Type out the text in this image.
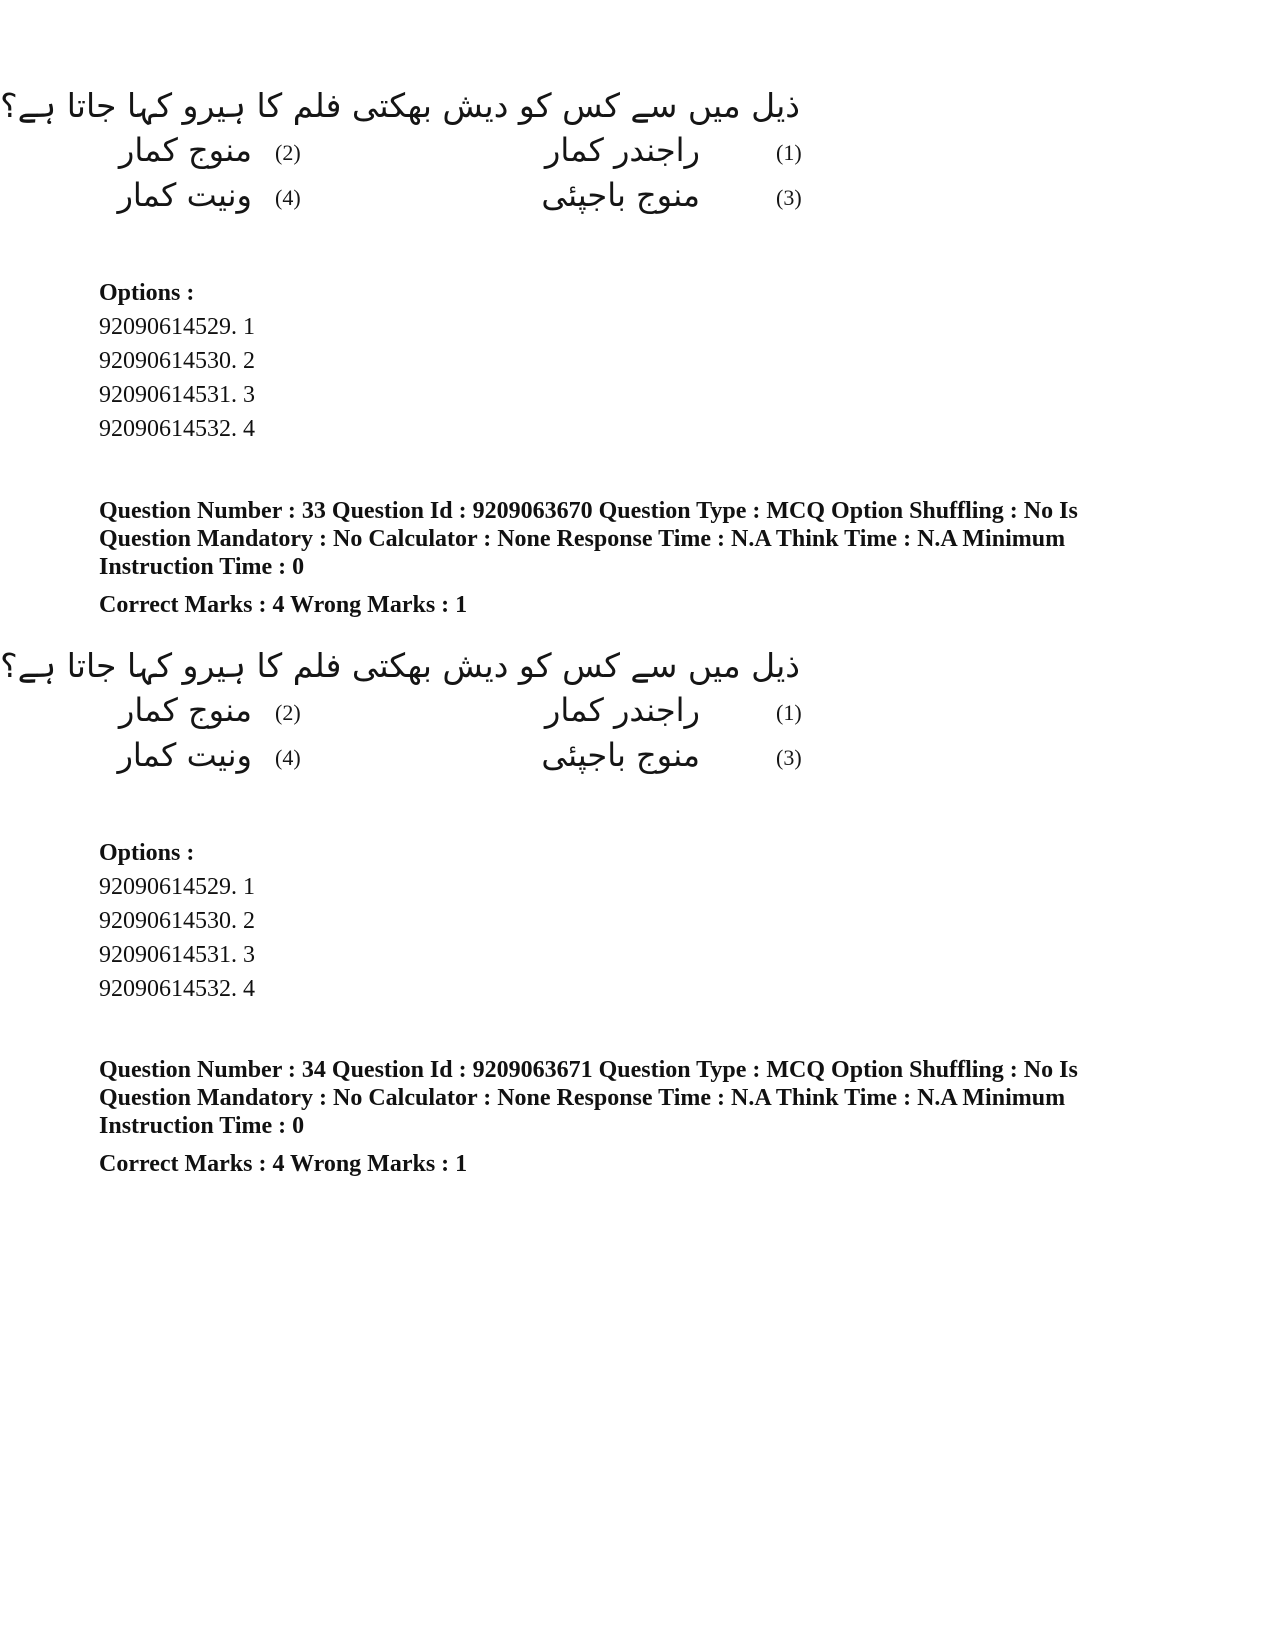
ذیل میں سے کس کو دیش بھکتی فلم کا ہیرو کہا جاتا ہے؟
(1)
راجندر کمار
(2)
منوج کمار
(3)
منوج باجپئی
(4)
ونیت کمار
Options :
92090614529. 1
92090614530. 2
92090614531. 3
92090614532. 4
Question Number : 33 Question Id : 9209063670 Question Type : MCQ Option Shuffling : No Is
Question Mandatory : No Calculator : None Response Time : N.A Think Time : N.A Minimum
Instruction Time : 0
Correct Marks : 4 Wrong Marks : 1
ذیل میں سے کس کو دیش بھکتی فلم کا ہیرو کہا جاتا ہے؟
(1)
راجندر کمار
(2)
منوج کمار
(3)
منوج باجپئی
(4)
ونیت کمار
Options :
92090614529. 1
92090614530. 2
92090614531. 3
92090614532. 4
Question Number : 34 Question Id : 9209063671 Question Type : MCQ Option Shuffling : No Is
Question Mandatory : No Calculator : None Response Time : N.A Think Time : N.A Minimum
Instruction Time : 0
Correct Marks : 4 Wrong Marks : 1
